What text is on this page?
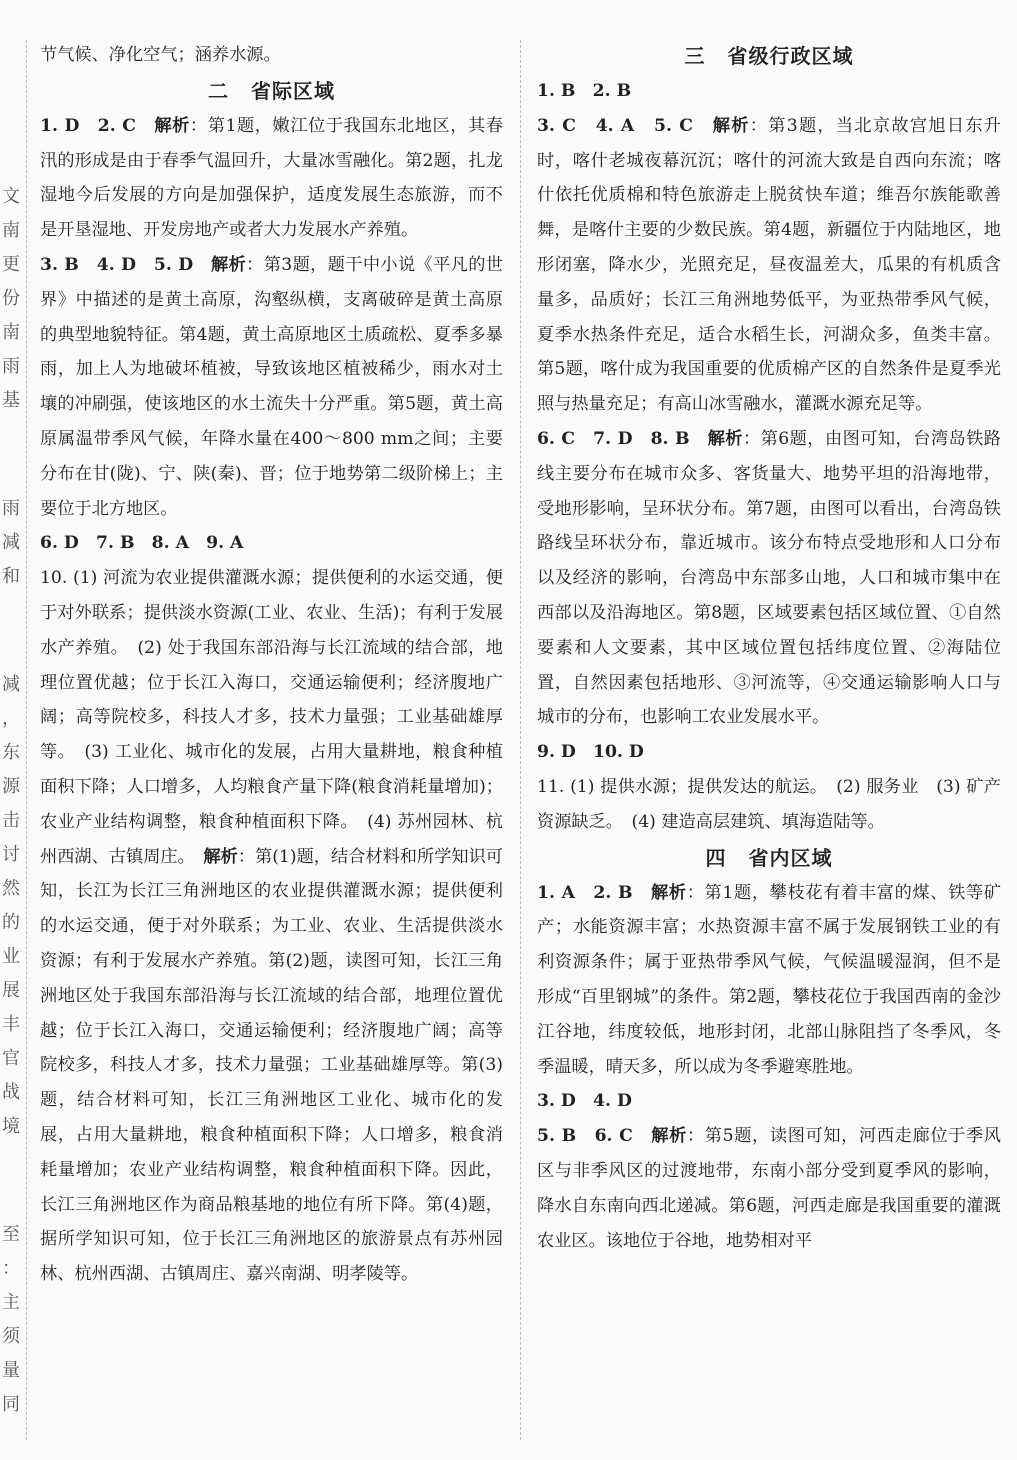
文
南
更
份
南
雨
基
雨
减
和
减
，
东
源
击
讨
然
的
业
展
丰
官
战
境
至
：
主
须
量
同

节气候、净化空气；涵养水源。

二 省际区域

1. D　2. C　 解析：第1题，嫩江位于我国东北地区，其春汛的形成是由于春季气温回升，大量冰雪融化。第2题，扎龙湿地今后发展的方向是加强保护，适度发展生态旅游，而不是开垦湿地、开发房地产或者大力发展水产养殖。

3. B　4. D　5. D　 解析：第3题，题干中小说《平凡的世界》中描述的是黄土高原，沟壑纵横，支离破碎是黄土高原的典型地貌特征。第4题，黄土高原地区土质疏松、夏季多暴雨，加上人为地破坏植被，导致该地区植被稀少，雨水对土壤的冲刷强，使该地区的水土流失十分严重。第5题，黄土高原属温带季风气候，年降水量在400～800 mm之间；主要分布在甘(陇)、宁、陕(秦)、晋；位于地势第二级阶梯上；主要位于北方地区。

6. D　7. B　8. A　9. A

10. (1) 河流为农业提供灌溉水源；提供便利的水运交通，便于对外联系；提供淡水资源(工业、农业、生活)；有利于发展水产养殖。　(2) 处于我国东部沿海与长江流域的结合部，地理位置优越；位于长江入海口，交通运输便利；经济腹地广阔；高等院校多，科技人才多，技术力量强；工业基础雄厚等。　(3) 工业化、城市化的发展，占用大量耕地，粮食种植面积下降；人口增多，人均粮食产量下降(粮食消耗量增加)；农业产业结构调整，粮食种植面积下降。　(4) 苏州园林、杭州西湖、古镇周庄。　解析：第(1)题，结合材料和所学知识可知，长江为长江三角洲地区的农业提供灌溉水源；提供便利的水运交通，便于对外联系；为工业、农业、生活提供淡水资源；有利于发展水产养殖。第(2)题，读图可知，长江三角洲地区处于我国东部沿海与长江流域的结合部，地理位置优越；位于长江入海口，交通运输便利；经济腹地广阔；高等院校多，科技人才多，技术力量强；工业基础雄厚等。第(3)题，结合材料可知，长江三角洲地区工业化、城市化的发展，占用大量耕地，粮食种植面积下降；人口增多，粮食消耗量增加；农业产业结构调整，粮食种植面积下降。因此，长江三角洲地区作为商品粮基地的地位有所下降。第(4)题，据所学知识可知，位于长江三角洲地区的旅游景点有苏州园林、杭州西湖、古镇周庄、嘉兴南湖、明孝陵等。

三 省级行政区域

1. B　2. B

3. C　4. A　5. C　 解析：第3题，当北京故宫旭日东升时，喀什老城夜幕沉沉；喀什的河流大致是自西向东流；喀什依托优质棉和特色旅游走上脱贫快车道；维吾尔族能歌善舞，是喀什主要的少数民族。第4题，新疆位于内陆地区，地形闭塞，降水少，光照充足，昼夜温差大，瓜果的有机质含量多，品质好；长江三角洲地势低平，为亚热带季风气候，夏季水热条件充足，适合水稻生长，河湖众多，鱼类丰富。第5题，喀什成为我国重要的优质棉产区的自然条件是夏季光照与热量充足；有高山冰雪融水，灌溉水源充足等。

6. C　7. D　8. B　 解析：第6题，由图可知，台湾岛铁路线主要分布在城市众多、客货量大、地势平坦的沿海地带，受地形影响，呈环状分布。第7题，由图可以看出，台湾岛铁路线呈环状分布，靠近城市。该分布特点受地形和人口分布以及经济的影响，台湾岛中东部多山地，人口和城市集中在西部以及沿海地区。第8题，区域要素包括区域位置、①自然要素和人文要素，其中区域位置包括纬度位置、②海陆位置，自然因素包括地形、③河流等，④交通运输影响人口与城市的分布，也影响工农业发展水平。

9. D　10. D

11. (1) 提供水源；提供发达的航运。　(2) 服务业　(3) 矿产资源缺乏。　(4) 建造高层建筑、填海造陆等。

四 省内区域

1. A　2. B　 解析：第1题，攀枝花有着丰富的煤、铁等矿产；水能资源丰富；水热资源丰富不属于发展钢铁工业的有利资源条件；属于亚热带季风气候，气候温暖湿润，但不是形成“百里钢城”的条件。第2题，攀枝花位于我国西南的金沙江谷地，纬度较低，地形封闭，北部山脉阻挡了冬季风，冬季温暖，晴天多，所以成为冬季避寒胜地。

3. D　4. D

5. B　6. C　 解析：第5题，读图可知，河西走廊位于季风区与非季风区的过渡地带，东南小部分受到夏季风的影响，降水自东南向西北递减。第6题，河西走廊是我国重要的灌溉农业区。该地位于谷地，地势相对平
